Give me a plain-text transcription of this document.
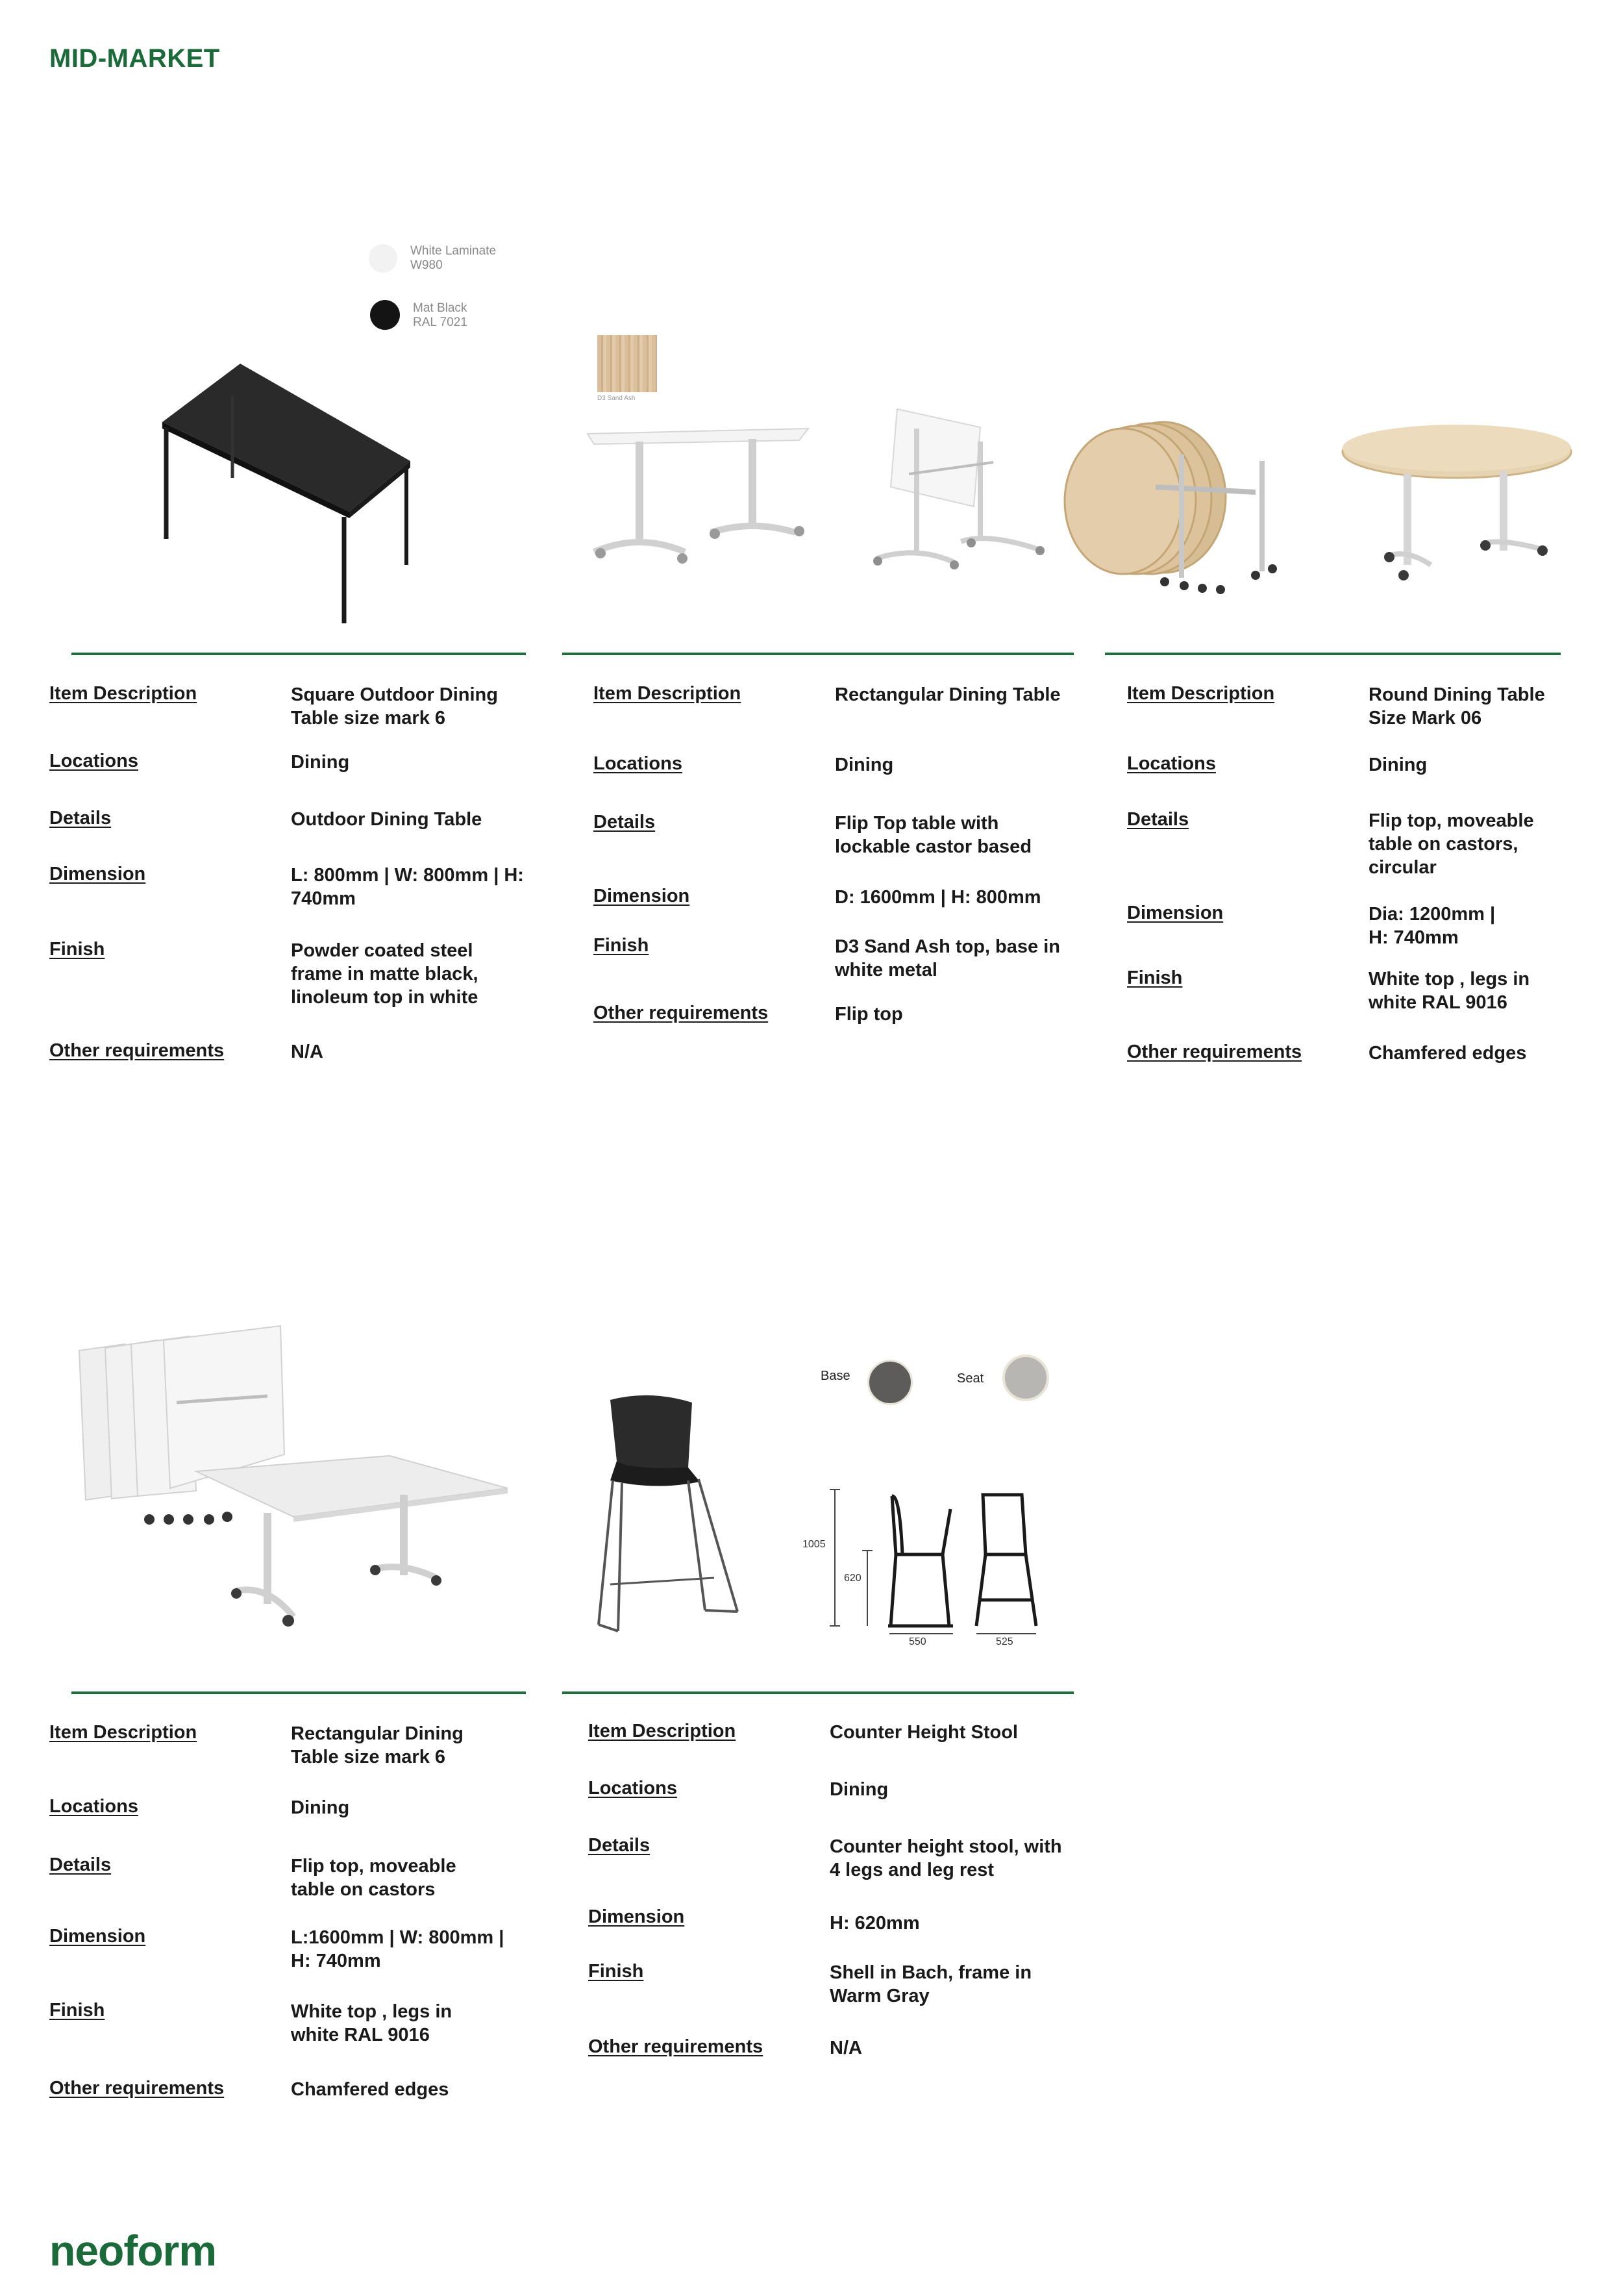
MID-MARKET
White Laminate
W980
Mat Black
RAL 7021
D3 Sand Ash
Item Description	Square Outdoor Dining Table size mark 6
Locations	Dining
Details	Outdoor Dining Table
Dimension	L: 800mm | W: 800mm | H: 740mm
Finish	Powder coated steel frame in matte black, linoleum top in white
Other requirements	N/A
Item Description	Rectangular Dining Table
Locations	Dining
Details	Flip Top table with lockable castor based
Dimension	D: 1600mm | H: 800mm
Finish	D3 Sand Ash top, base in white metal
Other requirements	Flip top
Item Description	Round Dining Table Size Mark 06
Locations	Dining
Details	Flip top, moveable table on castors, circular
Dimension	Dia: 1200mm | H: 740mm
Finish	White top , legs in white RAL 9016
Other requirements	Chamfered edges
Base	Seat
1005
620
550	525
Item Description	Rectangular Dining Table size mark 6
Locations	Dining
Details	Flip top, moveable table on castors
Dimension	L:1600mm | W: 800mm | H: 740mm
Finish	White top , legs in white RAL 9016
Other requirements	Chamfered edges
Item Description	Counter Height Stool
Locations	Dining
Details	Counter height stool, with 4 legs and leg rest
Dimension	H: 620mm
Finish	Shell in Bach, frame in Warm Gray
Other requirements	N/A
neoform
